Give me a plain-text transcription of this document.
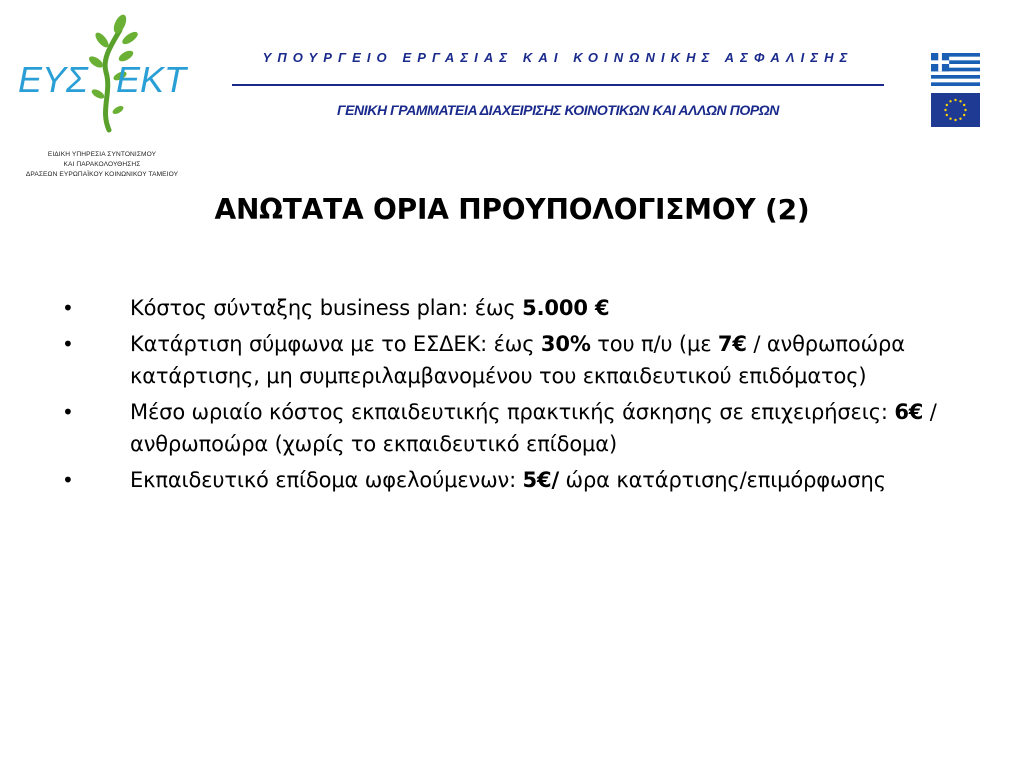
ΕΥΣ ΕΚΤ
ΕΙΔΙΚΗ ΥΠΗΡΕΣΙΑ ΣΥΝΤΟΝΙΣΜΟΥ
ΚΑΙ ΠΑΡΑΚΟΛΟΥΘΗΣΗΣ
ΔΡΑΣΕΩΝ ΕΥΡΩΠΑΪΚΟΥ ΚΟΙΝΩΝΙΚΟΥ ΤΑΜΕΙΟΥ
ΥΠΟΥΡΓΕΙΟ ΕΡΓΑΣΙΑΣ ΚΑΙ ΚΟΙΝΩΝΙΚΗΣ ΑΣΦΑΛΙΣΗΣ
ΓΕΝΙΚΗ ΓΡΑΜΜΑΤΕΙΑ ΔΙΑΧΕΙΡΙΣΗΣ ΚΟΙΝΟΤΙΚΩΝ ΚΑΙ ΑΛΛΩΝ ΠΟΡΩΝ
ΑΝΩΤΑΤΑ ΟΡΙΑ ΠΡΟΥΠΟΛΟΓΙΣΜΟΥ (2)
•	Κόστος σύνταξης business plan: έως 5.000 €
•	Κατάρτιση σύμφωνα με το ΕΣΔΕΚ: έως 30% του π/υ (με 7€ / ανθρωποώρα κατάρτισης, μη συμπεριλαμβανομένου του εκπαιδευτικού επιδόματος)
•	Μέσο ωριαίο κόστος εκπαιδευτικής πρακτικής άσκησης σε επιχειρήσεις: 6€ /ανθρωποώρα (χωρίς το εκπαιδευτικό επίδομα)
•	Εκπαιδευτικό επίδομα ωφελούμενων: 5€/ ώρα κατάρτισης/επιμόρφωσης
